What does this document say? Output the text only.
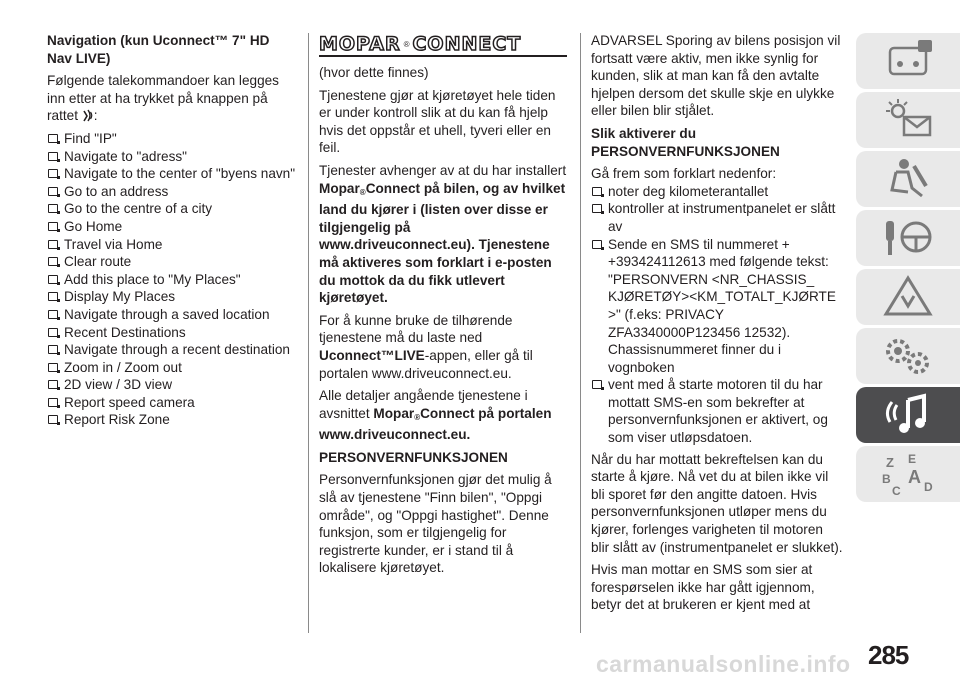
Navigation (kun Uconnect™ 7" HD Nav LIVE)

Følgende talekommandoer kan legges inn etter at ha trykket på knappen på rattet :

Find "IP"
Navigate to "adress"
Navigate to the center of "byens navn"
Go to an address
Go to the centre of a city
Go Home
Travel via Home
Clear route
Add this place to "My Places"
Display My Places
Navigate through a saved location
Recent Destinations
Navigate through a recent destination
Zoom in / Zoom out
2D view / 3D view
Report speed camera
Report Risk Zone
MOPAR ® CONNECT

(hvor dette finnes)

Tjenestene gjør at kjøretøyet hele tiden er under kontroll slik at du kan få hjelp hvis det oppstår et uhell, tyveri eller en feil.

Tjenester avhenger av at du har installert Mopar®Connect på bilen, og av hvilket land du kjører i (listen over disse er tilgjengelig på www.driveuconnect.eu). Tjenestene må aktiveres som forklart i e-posten du mottok da du fikk utlevert kjøretøyet.

For å kunne bruke de tilhørende tjenestene må du laste ned Uconnect™LIVE-appen, eller gå til portalen www.driveuconnect.eu.

Alle detaljer angående tjenestene i avsnittet Mopar®Connect på portalen www.driveuconnect.eu.

PERSONVERNFUNKSJONEN

Personvernfunksjonen gjør det mulig å slå av tjenestene "Finn bilen", "Oppgi område", og "Oppgi hastighet". Denne funksjon, som er tilgjengelig for registrerte kunder, er i stand til å lokalisere kjøretøyet.

ADVARSEL Sporing av bilens posisjon vil fortsatt være aktiv, men ikke synlig for kunden, slik at man kan få den avtalte hjelpen dersom det skulle skje en ulykke eller bilen blir stjålet.

Slik aktiverer du PERSONVERNFUNKSJONEN

Gå frem som forklart nedenfor:

noter deg kilometerantallet
kontroller at instrumentpanelet er slått av
Sende en SMS til nummeret + +393424112613 med følgende tekst: "PERSONVERN <NR_CHASSIS_ KJØRETØY><KM_TOTALT_KJØRTE >" (f.eks: PRIVACY ZFA3340000P123456 12532). Chassisnummeret finner du i vognboken
vent med å starte motoren til du har mottatt SMS-en som bekrefter at personvernfunksjonen er aktivert, og som viser utløpsdatoen.

Når du har mottatt bekreftelsen kan du starte å kjøre. Nå vet du at bilen ikke vil bli sporet før den angitte datoen. Hvis personvernfunksjonen utløper mens du kjører, forlenges varigheten til motoren blir slått av (instrumentpanelet er slukket).

Hvis man mottar en SMS som sier at forespørselen ikke har gått igjennom, betyr det at brukeren er kjent med at

Z E
B A
C D
285
carmanualsonline.info
